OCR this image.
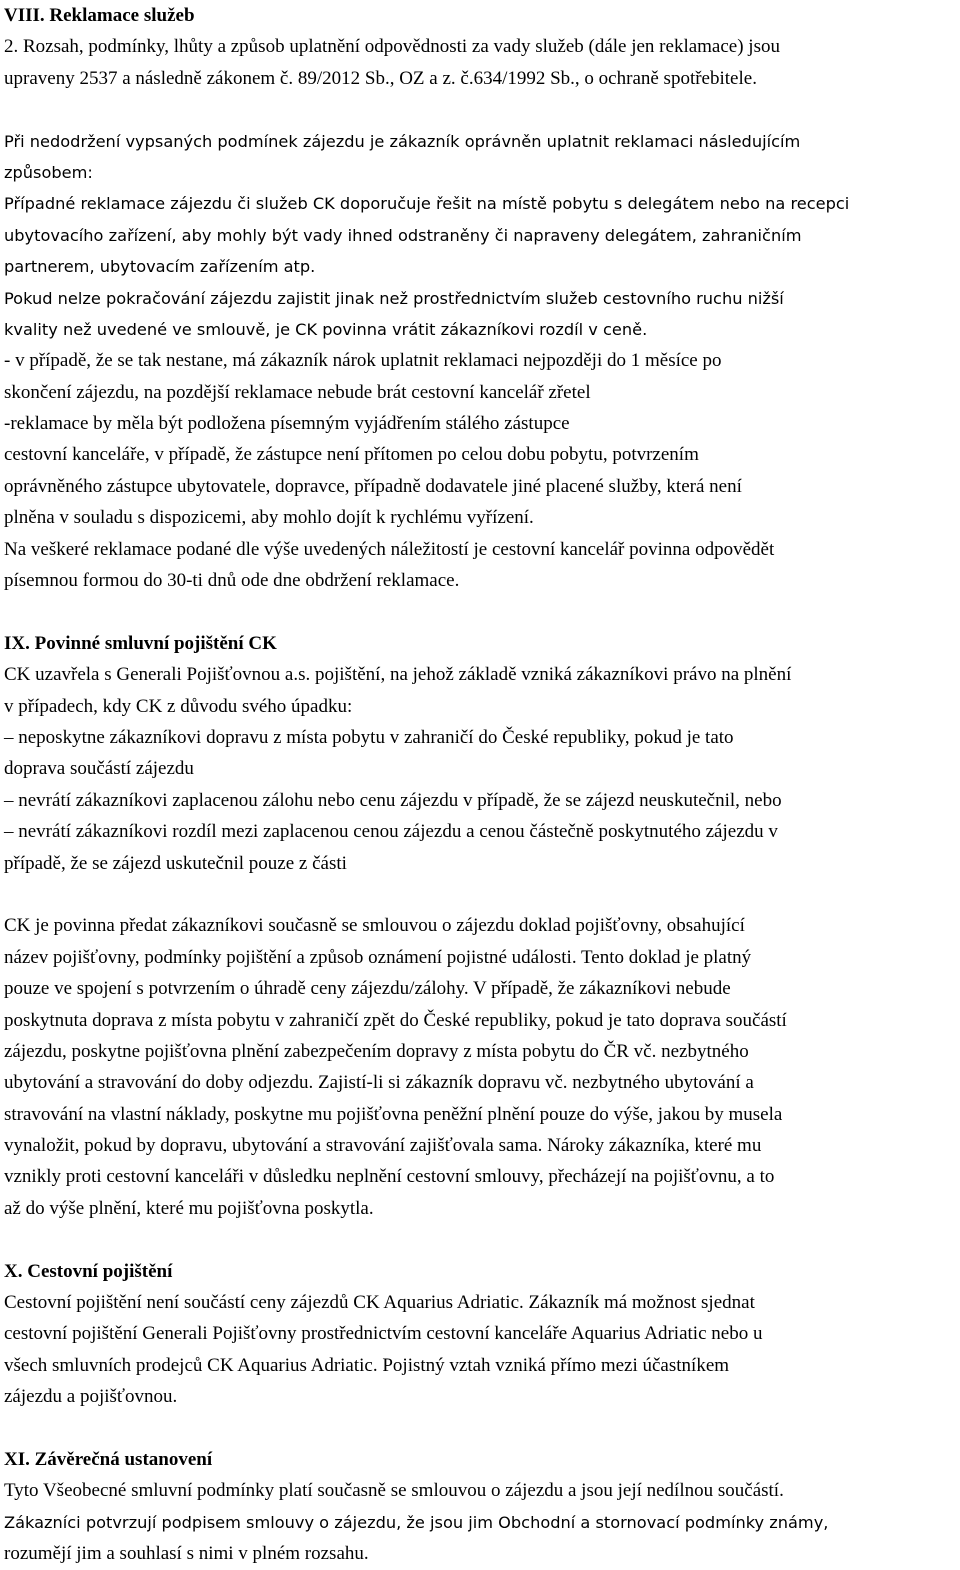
VIII. Reklamace služeb
2. Rozsah, podmínky, lhůty a způsob uplatnění odpovědnosti za vady služeb (dále jen reklamace) jsou
upraveny 2537 a následně zákonem č. 89/2012 Sb., OZ a z. č.634/1992 Sb., o ochraně spotřebitele.
Při nedodržení vypsaných podmínek zájezdu je zákazník oprávněn uplatnit reklamaci následujícím
způsobem:
Případné reklamace zájezdu či služeb CK doporučuje řešit na místě pobytu s delegátem nebo na recepci
ubytovacího zařízení, aby mohly být vady ihned odstraněny či napraveny delegátem, zahraničním
partnerem, ubytovacím zařízením atp.
Pokud nelze pokračování zájezdu zajistit jinak než prostřednictvím služeb cestovního ruchu nižší
kvality než uvedené ve smlouvě, je CK povinna vrátit zákazníkovi rozdíl v ceně.
- v případě, že se tak nestane, má zákazník nárok uplatnit reklamaci nejpozději do 1 měsíce po
skončení zájezdu, na pozdější reklamace nebude brát cestovní kancelář zřetel
-reklamace by měla být podložena písemným vyjádřením stálého zástupce
cestovní kanceláře, v případě, že zástupce není přítomen po celou dobu pobytu, potvrzením
oprávněného zástupce ubytovatele, dopravce, případně dodavatele jiné placené služby, která není
plněna v souladu s dispozicemi, aby mohlo dojít k rychlému vyřízení.
Na veškeré reklamace podané dle výše uvedených náležitostí je cestovní kancelář povinna odpovědět
písemnou formou do 30-ti dnů ode dne obdržení reklamace.
IX. Povinné smluvní pojištění CK
CK uzavřela s Generali Pojišťovnou a.s. pojištění, na jehož základě vzniká zákazníkovi právo na plnění
v případech, kdy CK z důvodu svého úpadku:
– neposkytne zákazníkovi dopravu z místa pobytu v zahraničí do České republiky, pokud je tato
doprava součástí zájezdu
– nevrátí zákazníkovi zaplacenou zálohu nebo cenu zájezdu v případě, že se zájezd neuskutečnil, nebo
– nevrátí zákazníkovi rozdíl mezi zaplacenou cenou zájezdu a cenou částečně poskytnutého zájezdu v
případě, že se zájezd uskutečnil pouze z části
CK je povinna předat zákazníkovi současně se smlouvou o zájezdu doklad pojišťovny, obsahující
název pojišťovny, podmínky pojištění a způsob oznámení pojistné události. Tento doklad je platný
pouze ve spojení s potvrzením o úhradě ceny zájezdu/zálohy. V případě, že zákazníkovi nebude
poskytnuta doprava z místa pobytu v zahraničí zpět do České republiky, pokud je tato doprava součástí
zájezdu, poskytne pojišťovna plnění zabezpečením dopravy z místa pobytu do ČR vč. nezbytného
ubytování a stravování do doby odjezdu. Zajistí-li si zákazník dopravu vč. nezbytného ubytování a
stravování na vlastní náklady, poskytne mu pojišťovna peněžní plnění pouze do výše, jakou by musela
vynaložit, pokud by dopravu, ubytování a stravování zajišťovala sama. Nároky zákazníka, které mu
vznikly proti cestovní kanceláři v důsledku neplnění cestovní smlouvy, přecházejí na pojišťovnu, a to
až do výše plnění, které mu pojišťovna poskytla.
X. Cestovní pojištění
Cestovní pojištění není součástí ceny zájezdů CK Aquarius Adriatic. Zákazník má možnost sjednat
cestovní pojištění Generali Pojišťovny prostřednictvím cestovní kanceláře Aquarius Adriatic nebo u
všech smluvních prodejců CK Aquarius Adriatic. Pojistný vztah vzniká přímo mezi účastníkem
zájezdu a pojišťovnou.
XI. Závěrečná ustanovení
Tyto Všeobecné smluvní podmínky platí současně se smlouvou o zájezdu a jsou její nedílnou součástí.
Zákazníci potvrzují podpisem smlouvy o zájezdu, že jsou jim Obchodní a stornovací podmínky známy,
rozumějí jim a souhlasí s nimi v plném rozsahu.
